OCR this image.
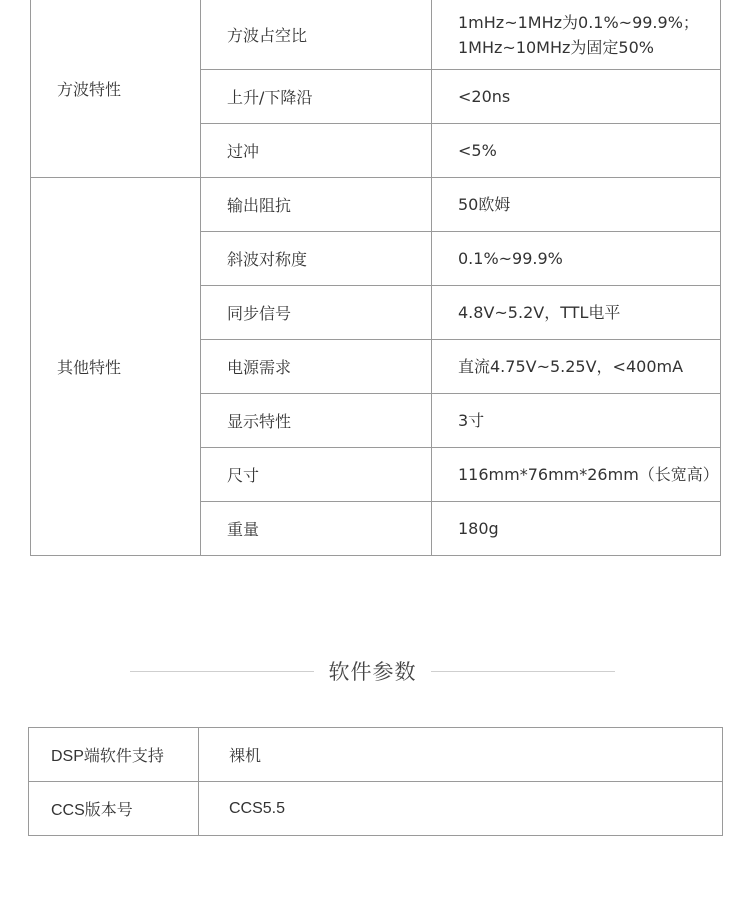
方波特性	方波占空比	1mHz~1MHz为0.1%~99.9%；
1MHz~10MHz为固定50%

	上升/下降沿	<20ns
	过冲	<5%
其他特性	输出阻抗	50欧姆
	斜波对称度	0.1%~99.9%
	同步信号	4.8V~5.2V，TTL电平
	电源需求	直流4.75V~5.25V，<400mA
	显示特性	3寸
	尺寸	116mm*76mm*26mm（长宽高）
	重量	180g
软件参数
DSP端软件支持	裸机
CCS版本号	CCS5.5
